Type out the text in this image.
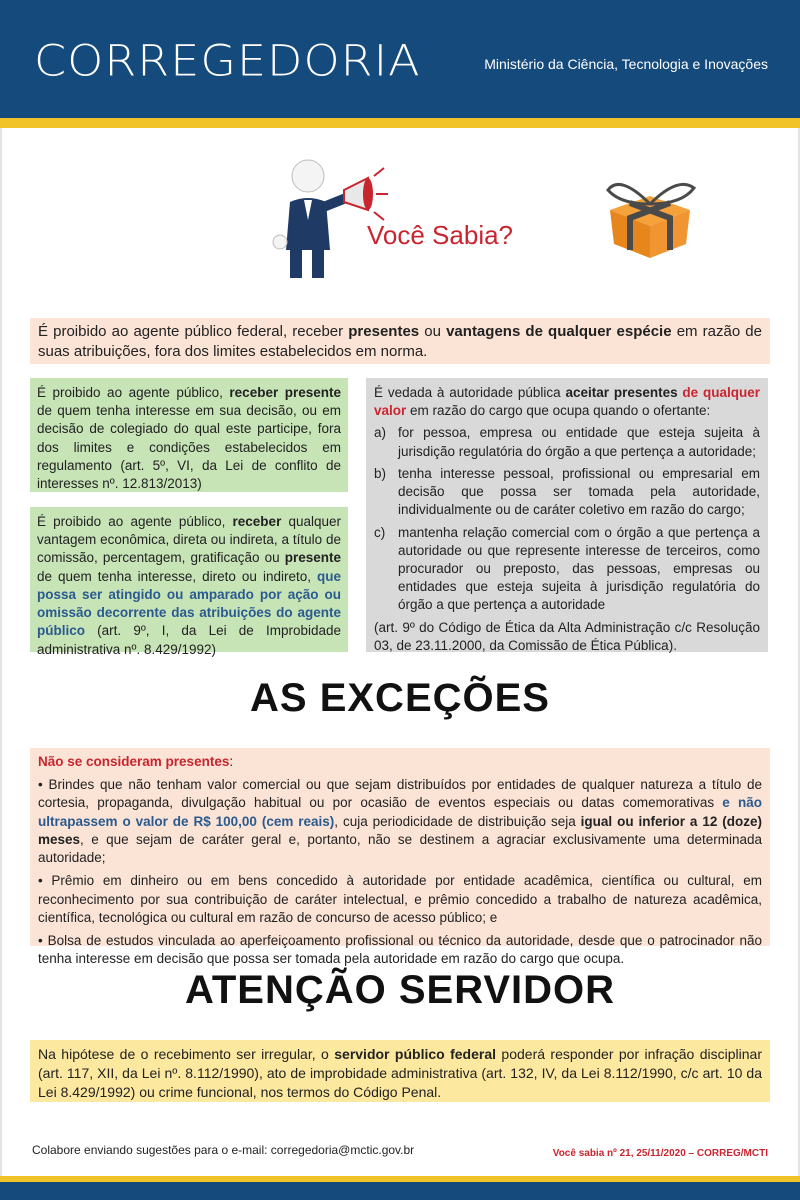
CORREGEDORIA	Ministério da Ciência, Tecnologia e Inovações
Você Sabia?
É proibido ao agente público federal, receber presentes ou vantagens de qualquer espécie em razão de suas atribuições, fora dos limites estabelecidos em norma.
É proibido ao agente público, receber presente de quem tenha interesse em sua decisão, ou em decisão de colegiado do qual este participe, fora dos limites e condições estabelecidos em regulamento (art. 5º, VI, da Lei de conflito de interesses nº. 12.813/2013)
É proibido ao agente público, receber qualquer vantagem econômica, direta ou indireta, a título de comissão, percentagem, gratificação ou presente de quem tenha interesse, direto ou indireto, que possa ser atingido ou amparado por ação ou omissão decorrente das atribuições do agente público (art. 9º, I, da Lei de Improbidade administrativa nº. 8.429/1992)
É vedada à autoridade pública aceitar presentes de qualquer valor em razão do cargo que ocupa quando o ofertante:
a) for pessoa, empresa ou entidade que esteja sujeita à jurisdição regulatória do órgão a que pertença a autoridade;
b) tenha interesse pessoal, profissional ou empresarial em decisão que possa ser tomada pela autoridade, individualmente ou de caráter coletivo em razão do cargo;
c) mantenha relação comercial com o órgão a que pertença a autoridade ou que represente interesse de terceiros, como procurador ou preposto, das pessoas, empresas ou entidades que esteja sujeita à jurisdição regulatória do órgão a que pertença a autoridade
(art. 9º do Código de Ética da Alta Administração c/c Resolução 03, de 23.11.2000, da Comissão de Ética Pública).
AS EXCEÇÕES

Não se consideram presentes:

• Brindes que não tenham valor comercial ou que sejam distribuídos por entidades de qualquer natureza a título de cortesia, propaganda, divulgação habitual ou por ocasião de eventos especiais ou datas comemorativas e não ultrapassem o valor de R$ 100,00 (cem reais), cuja periodicidade de distribuição seja igual ou inferior a 12 (doze) meses, e que sejam de caráter geral e, portanto, não se destinem a agraciar exclusivamente uma determinada autoridade;

• Prêmio em dinheiro ou em bens concedido à autoridade por entidade acadêmica, científica ou cultural, em reconhecimento por sua contribuição de caráter intelectual, e prêmio concedido a trabalho de natureza acadêmica, científica, tecnológica ou cultural em razão de concurso de acesso público; e

• Bolsa de estudos vinculada ao aperfeiçoamento profissional ou técnico da autoridade, desde que o patrocinador não tenha interesse em decisão que possa ser tomada pela autoridade em razão do cargo que ocupa.

ATENÇÃO SERVIDOR
Na hipótese de o recebimento ser irregular, o servidor público federal poderá responder por infração disciplinar (art. 117, XII, da Lei nº. 8.112/1990), ato de improbidade administrativa (art. 132, IV, da Lei 8.112/1990, c/c art. 10 da Lei 8.429/1992) ou crime funcional, nos termos do Código Penal.
Colabore enviando sugestões para o e-mail: corregedoria@mctic.gov.br	Você sabia nº 21, 25/11/2020 – CORREG/MCTI
